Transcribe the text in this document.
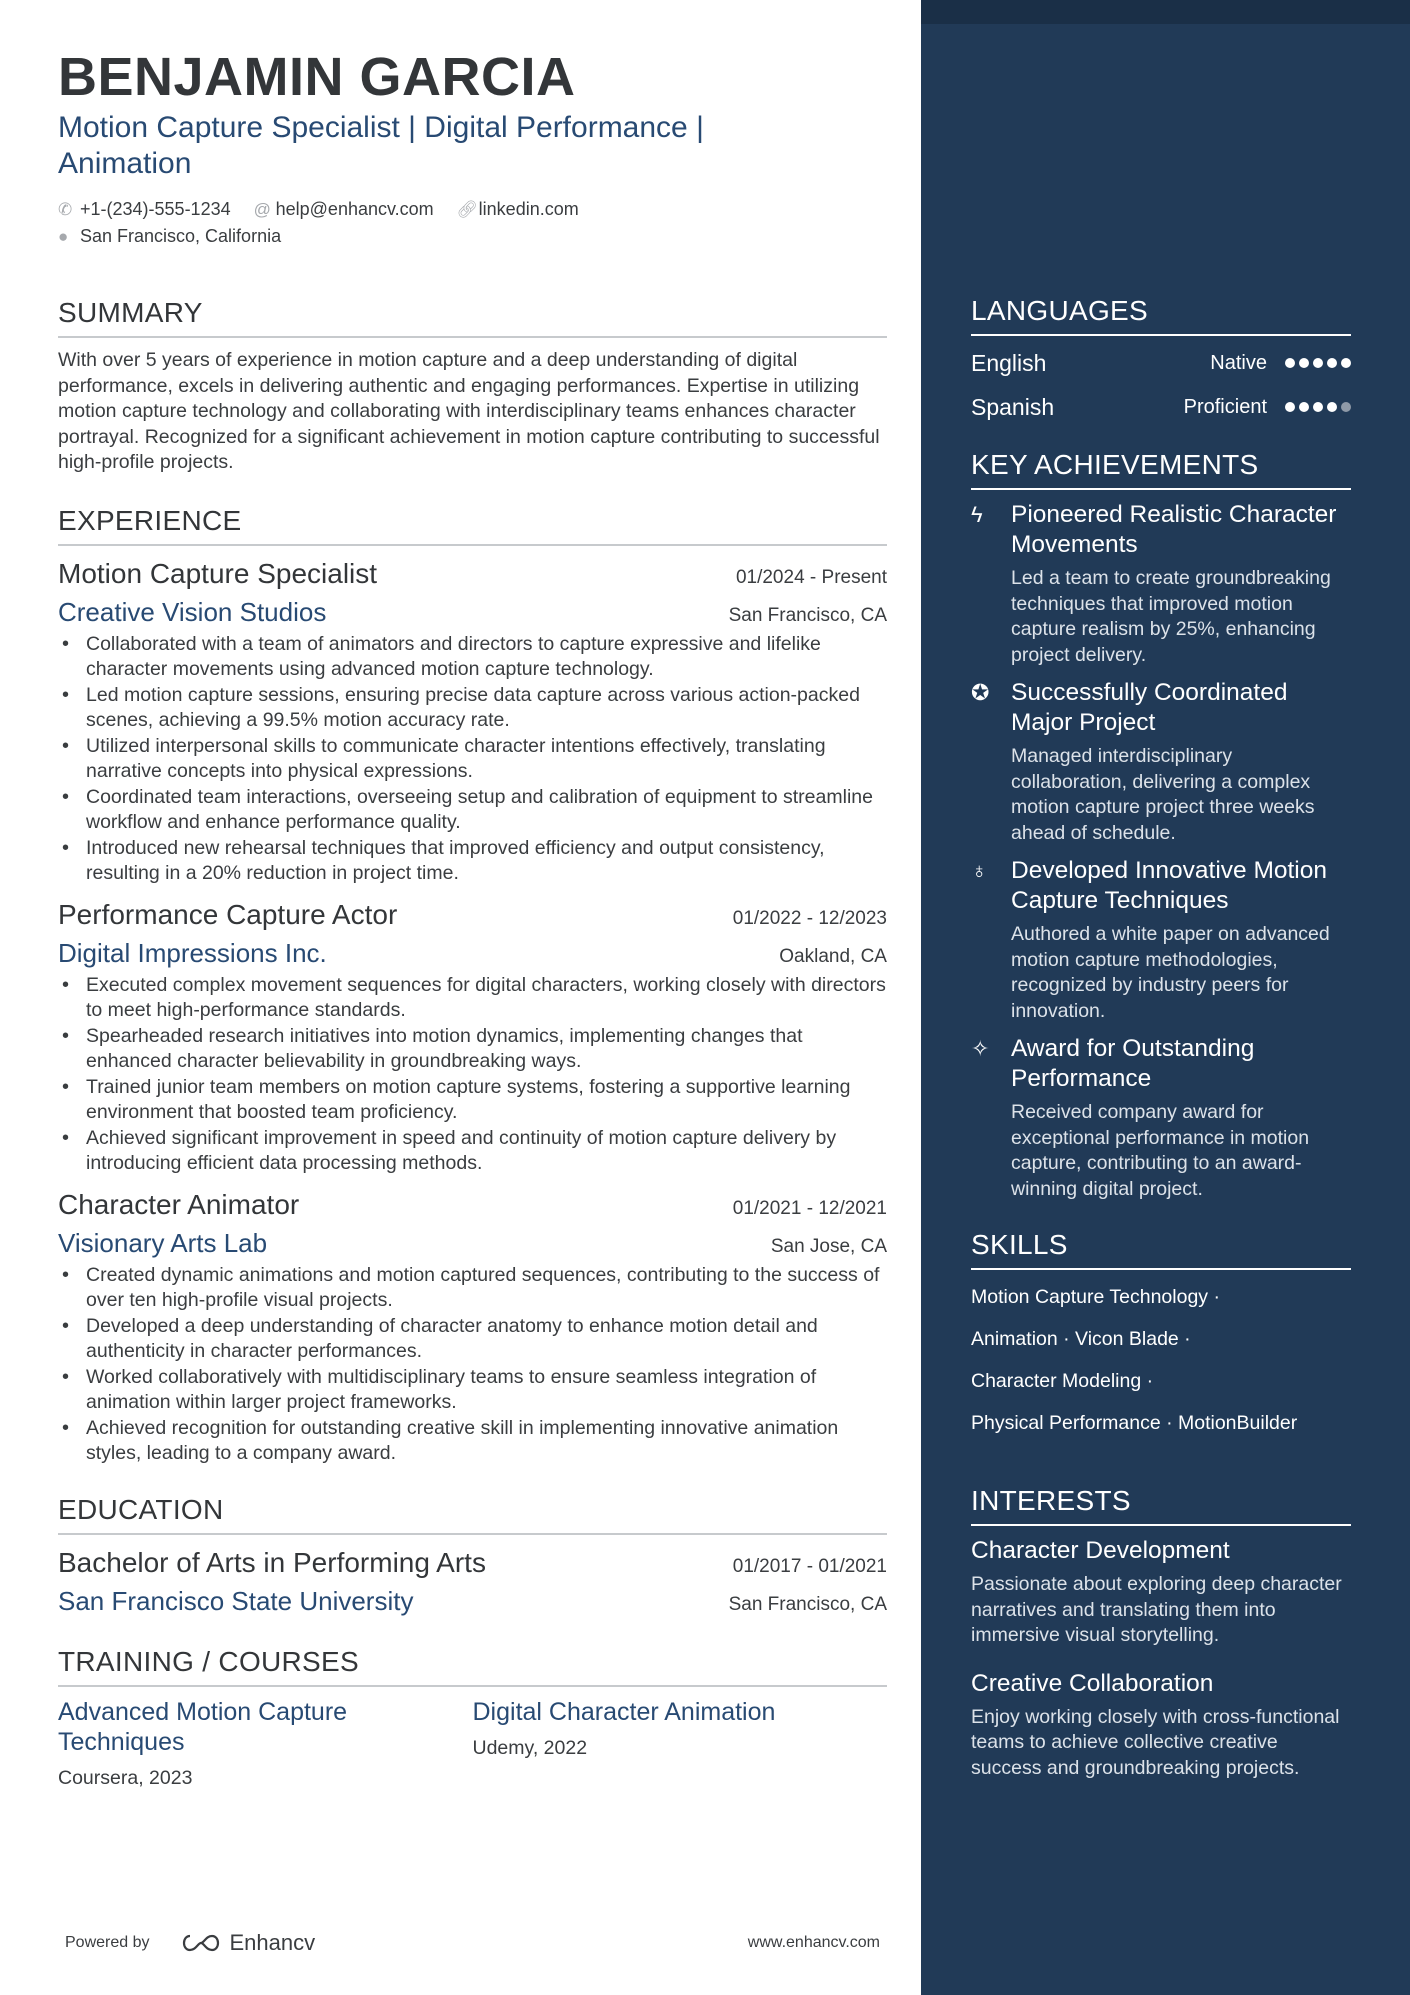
BENJAMIN GARCIA
Motion Capture Specialist | Digital Performance | Animation
✆ +1-(234)-555-1234
@ help@enhancv.com
🔗︎ linkedin.com
● San Francisco, California
SUMMARY
With over 5 years of experience in motion capture and a deep understanding of digital performance, excels in delivering authentic and engaging performances. Expertise in utilizing motion capture technology and collaborating with interdisciplinary teams enhances character portrayal. Recognized for a significant achievement in motion capture contributing to successful high-profile projects.
EXPERIENCE
Motion Capture Specialist	01/2024 - Present
Creative Vision Studios	San Francisco, CA
• Collaborated with a team of animators and directors to capture expressive and lifelike character movements using advanced motion capture technology.
• Led motion capture sessions, ensuring precise data capture across various action-packed scenes, achieving a 99.5% motion accuracy rate.
• Utilized interpersonal skills to communicate character intentions effectively, translating narrative concepts into physical expressions.
• Coordinated team interactions, overseeing setup and calibration of equipment to streamline workflow and enhance performance quality.
• Introduced new rehearsal techniques that improved efficiency and output consistency, resulting in a 20% reduction in project time.
Performance Capture Actor	01/2022 - 12/2023
Digital Impressions Inc.	Oakland, CA
• Executed complex movement sequences for digital characters, working closely with directors to meet high-performance standards.
• Spearheaded research initiatives into motion dynamics, implementing changes that enhanced character believability in groundbreaking ways.
• Trained junior team members on motion capture systems, fostering a supportive learning environment that boosted team proficiency.
• Achieved significant improvement in speed and continuity of motion capture delivery by introducing efficient data processing methods.
Character Animator	01/2021 - 12/2021
Visionary Arts Lab	San Jose, CA
• Created dynamic animations and motion captured sequences, contributing to the success of over ten high-profile visual projects.
• Developed a deep understanding of character anatomy to enhance motion detail and authenticity in character performances.
• Worked collaboratively with multidisciplinary teams to ensure seamless integration of animation within larger project frameworks.
• Achieved recognition for outstanding creative skill in implementing innovative animation styles, leading to a company award.
EDUCATION
Bachelor of Arts in Performing Arts	01/2017 - 01/2021
San Francisco State University	San Francisco, CA
TRAINING / COURSES
Advanced Motion Capture Techniques
Coursera, 2023
Digital Character Animation
Udemy, 2022
Powered by	Enhancv	www.enhancv.com
LANGUAGES
English	Native
Spanish	Proficient
KEY ACHIEVEMENTS
ϟ	Pioneered Realistic Character Movements
Led a team to create groundbreaking techniques that improved motion capture realism by 25%, enhancing project delivery.
✪ Successfully Coordinated Major Project
Managed interdisciplinary collaboration, delivering a complex motion capture project three weeks ahead of schedule.
♁ Developed Innovative Motion Capture Techniques
Authored a white paper on advanced motion capture methodologies, recognized by industry peers for innovation.
✧ Award for Outstanding Performance
Received company award for exceptional performance in motion capture, contributing to an award-winning digital project.
SKILLS
Motion Capture Technology ·
Animation · Vicon Blade ·
Character Modeling ·
Physical Performance · MotionBuilder
INTERESTS
Character Development
Passionate about exploring deep character narratives and translating them into immersive visual storytelling.
Creative Collaboration
Enjoy working closely with cross-functional teams to achieve collective creative success and groundbreaking projects.
